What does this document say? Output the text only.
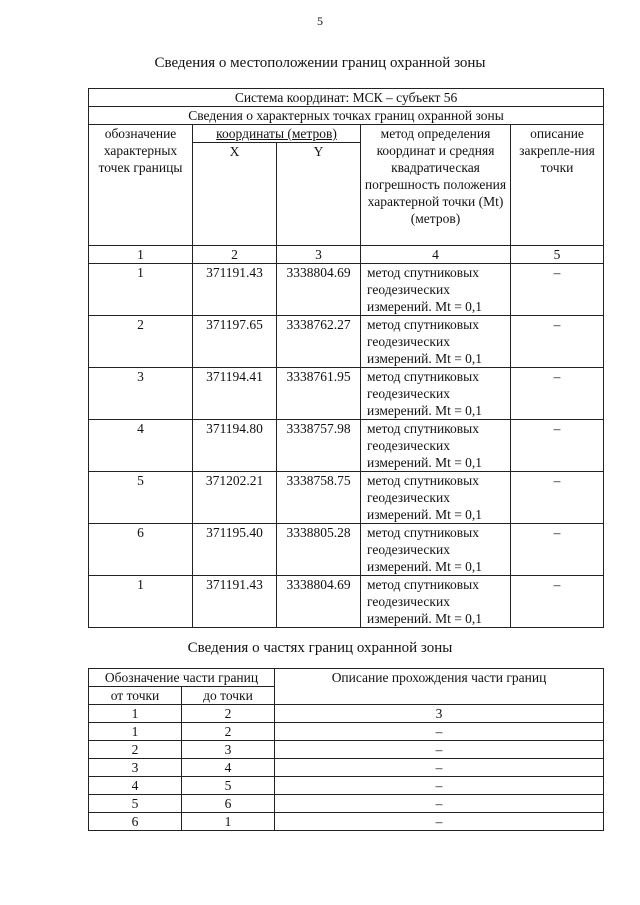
5
Сведения о местоположении границ охранной зоны
Система координат: МСК – субъект 56				
Сведения о характерных точках границ охранной зоны				
обозначение характерных точек границы	координаты (метров)		метод определения координат и средняя квадратическая погрешность положения характерной точки (Mt) (метров)	описание закрепле-ния точки
	X	Y		
1	2	3	4	5
1	371191.43	3338804.69	метод спутниковых геодезических измерений. Mt = 0,1	–
2	371197.65	3338762.27	метод спутниковых геодезических измерений. Mt = 0,1	–
3	371194.41	3338761.95	метод спутниковых геодезических измерений. Mt = 0,1	–
4	371194.80	3338757.98	метод спутниковых геодезических измерений. Mt = 0,1	–
5	371202.21	3338758.75	метод спутниковых геодезических измерений. Mt = 0,1	–
6	371195.40	3338805.28	метод спутниковых геодезических измерений. Mt = 0,1	–
1	371191.43	3338804.69	метод спутниковых геодезических измерений. Mt = 0,1	–
Сведения о частях границ охранной зоны
Обозначение части границ		Описание прохождения части границ
от точки	до точки	
1	2	3
1	2	–
2	3	–
3	4	–
4	5	–
5	6	–
6	1	–
